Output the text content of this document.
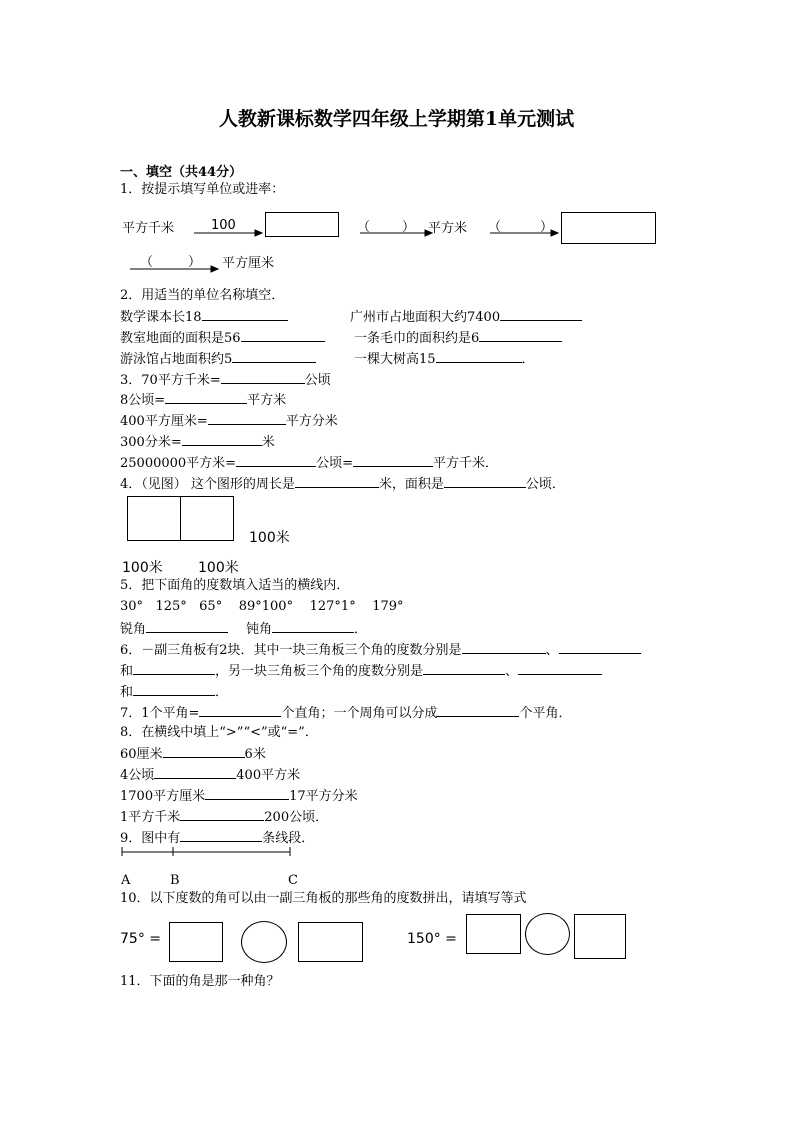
人教新课标数学四年级上学期第1单元测试
一、填空（共44分）
1．按提示填写单位或进率：
平方千米	100	（ ） 平方米 （	）
（	） 平方厘米
2．用适当的单位名称填空．
数学课本长18	广州市占地面积大约7400
教室地面的面积是56	一条毛巾的面积约是6
游泳馆占地面积约5	一棵大树高15	．
3．70平方千米=	公顷
8公顷=	平方米
400平方厘米=	平方分米
300分米=	米
25000000平方米=	公顷=	平方千米．
4．（见图） 这个图形的周长是	米，面积是	公顷．
100米
100米	100米
5．把下面角的度数填入适当的横线内．
30°   125°   65°    89°100°    127°1°    179°
锐角	钝角	．
6．－副三角板有2块．其中一块三角板三个角的度数分别是	、
和	，另一块三角板三个角的度数分别是	、
和	．
7．1个平角=	个直角；一个周角可以分成	个平角．
8．在横线中填上“>”“<”或“=”．
60厘米	6米
4公顷	400平方米
1700平方厘米	17平方分米
1平方千米	200公顷．
9．图中有	条线段．
A	B	C
10．以下度数的角可以由一副三角板的那些角的度数拼出，请填写等式
75° =	150° =
11．下面的角是那一种角？
